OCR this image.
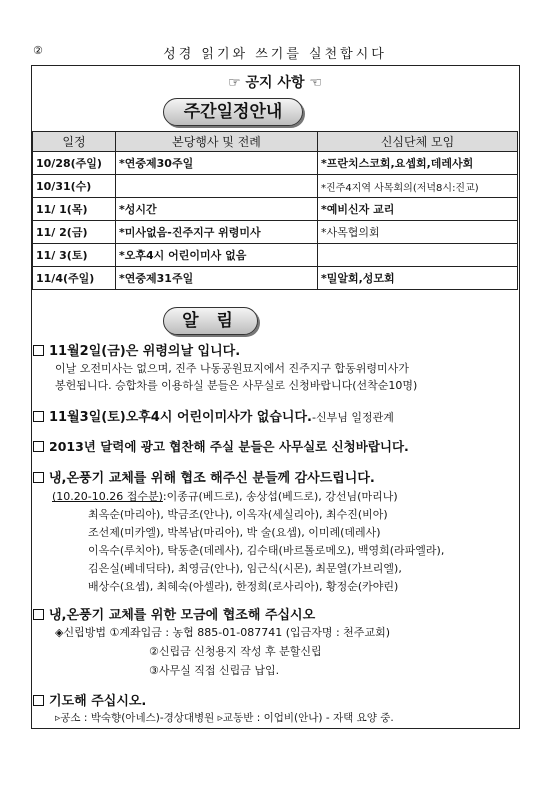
②	성경 읽기와 쓰기를 실천합시다
☞ 공지 사항 ☜
주간일정안내
일정	본당행사 및 전례	신심단체 모임
10/28(주일)	*연중제30주일	*프란치스코회,요셉회,데레사회
10/31(수)		*진주4지역 사목회의(저녁8시:진교)
11/ 1(목)	*성시간	*예비신자 교리
11/ 2(금)	*미사없음-진주지구 위령미사	*사목협의회
11/ 3(토)	*오후4시 어린이미사 없음	
11/4(주일)	*연중제31주일	*밀알회,성모회
알 림
11월2일(금)은 위령의날 입니다.
이날 오전미사는 없으며, 진주 나동공원묘지에서 진주지구 합동위령미사가
봉헌됩니다. 승합차를 이용하실 분들은 사무실로 신청바랍니다(선착순10명)
11월3일(토)오후4시 어린이미사가 없습니다.-신부님 일정관계
2013년 달력에 광고 협찬해 주실 분들은 사무실로 신청바랍니다.
냉,온풍기 교체를 위해 협조 해주신 분들께 감사드립니다.
(10.20-10.26 접수분):이종규(베드로), 송상섭(베드로), 강선님(마리나)
최옥순(마리아), 박금조(안나), 이옥자(세실리아), 최수진(비아)
조선제(미카엘), 박복남(마리아), 박 술(요셉), 이미례(데레사)
이옥수(루치아), 탁동춘(데레사), 김수태(바르톨로메오), 백영희(라파엘라),
김은실(베네딕타), 최영금(안나), 임근식(시몬), 최문열(가브리엘),
배상수(요셉), 최혜숙(아셀라), 한정희(로사리아), 황정순(카야린)
냉,온풍기 교체를 위한 모금에 협조해 주십시오
◈신립방법 ①계좌입금 : 농협 885-01-087741 (입금자명 : 천주교회)
②신립금 신청용지 작성 후 분할신립
③사무실 직접 신립금 납입.
기도해 주십시오.
▹공소 : 박숙향(아네스)-경상대병원 ▹교동반 : 이업비(안나) - 자택 요양 중.
